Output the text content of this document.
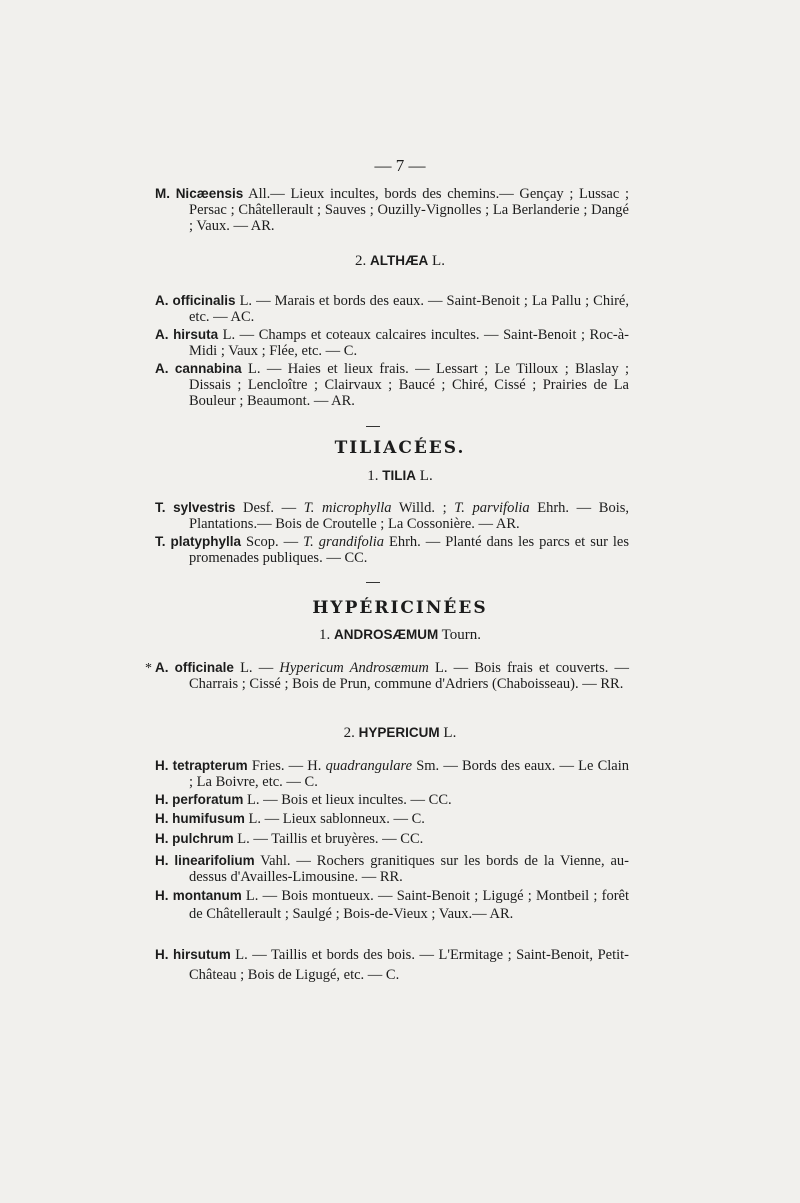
— 7 —
M. Nicæensis All.— Lieux incultes, bords des chemins.— Gençay ; Lussac ; Persac ; Châtellerault ; Sauves ; Ouzilly-Vignolles ; La Berlanderie ; Dangé ; Vaux. — AR.
2. ALTHÆA L.
A. officinalis L. — Marais et bords des eaux. — Saint-Benoit ; La Pallu ; Chiré, etc. — AC.
A. hirsuta L. — Champs et coteaux calcaires incultes. — Saint-Benoit ; Roc-à-Midi ; Vaux ; Flée, etc. — C.
A. cannabina L. — Haies et lieux frais. — Lessart ; Le Tilloux ; Blaslay ; Dissais ; Lencloître ; Clairvaux ; Baucé ; Chiré, Cissé ; Prairies de La Bouleur ; Beaumont. — AR.
TILIACÉES.
1. TILIA L.
T. sylvestris Desf. — T. microphylla Willd. ; T. parvifolia Ehrh. — Bois, Plantations.— Bois de Croutelle ; La Cossonière. — AR.
T. platyphylla Scop. — T. grandifolia Ehrh. — Planté dans les parcs et sur les promenades publiques. — CC.
HYPÉRICINÉES
1. ANDROSÆMUM Tourn.
* A. officinale L. — Hypericum Androsæmum L. — Bois frais et couverts. — Charrais ; Cissé ; Bois de Prun, commune d'Adriers (Chaboisseau). — RR.
2. HYPERICUM L.
H. tetrapterum Fries. — H. quadrangulare Sm. — Bords des eaux. — Le Clain ; La Boivre, etc. — C.
H. perforatum L. — Bois et lieux incultes. — CC.
H. humifusum L. — Lieux sablonneux. — C.
H. pulchrum L. — Taillis et bruyères. — CC.
H. linearifolium Vahl. — Rochers granitiques sur les bords de la Vienne, au-dessus d'Availles-Limousine. — RR.
H. montanum L. — Bois montueux. — Saint-Benoit ; Ligugé ; Montbeil ; forêt de Châtellerault ; Saulgé ; Bois-de-Vieux ; Vaux.— AR.
H. hirsutum L. — Taillis et bords des bois. — L'Ermitage ; Saint-Benoit, Petit-Château ; Bois de Ligugé, etc. — C.
